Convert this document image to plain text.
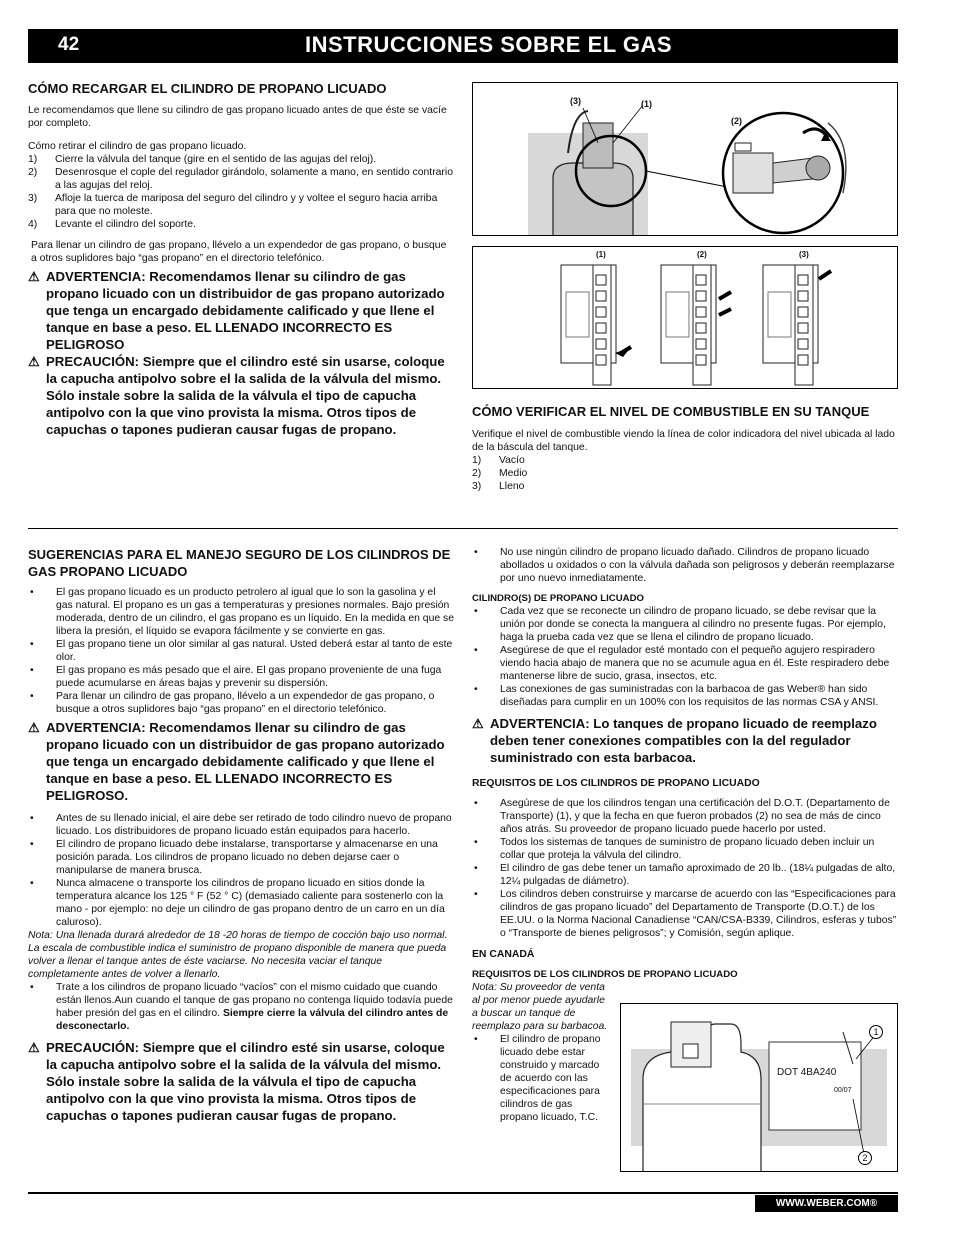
42	INSTRUCCIONES SOBRE EL GAS
CÓMO RECARGAR EL CILINDRO DE PROPANO LICUADO
Le recomendamos que llene su cilindro de gas propano licuado antes de que éste se vacíe por completo.
Cómo retirar el cilindro de gas propano licuado.
1) Cierre la válvula del tanque (gire en el sentido de las agujas del reloj).
2) Desenrosque el cople del regulador girándolo, solamente a mano, en sentido contrario a las agujas del reloj.
3) Afloje la tuerca de mariposa del seguro del cilindro y y voltee el seguro hacia arriba para que no moleste.
4) Levante el cilindro del soporte.
Para llenar un cilindro de gas propano, llévelo a un expendedor de gas propano, o busque a otros suplidores bajo “gas propano” en el directorio telefónico.
⚠ ADVERTENCIA: Recomendamos llenar su cilindro de gas propano licuado con un distribuidor de gas propano autorizado que tenga un encargado debidamente calificado y que llene el tanque en base a peso. EL LLENADO INCORRECTO ES PELIGROSO
⚠ PRECAUCIÓN: Siempre que el cilindro esté sin usarse, coloque la capucha antipolvo sobre el la salida de la válvula del mismo. Sólo instale sobre la salida de la válvula el tipo de capucha antipolvo con la que vino provista la misma. Otros tipos de capuchas o tapones pudieran causar fugas de propano.
(3)	(1)
(2)
(1)	(2)	(3)
CÓMO VERIFICAR EL NIVEL DE COMBUSTIBLE EN SU TANQUE
Verifique el nivel de combustible viendo la línea de color indicadora del nivel ubicada al lado de la báscula del tanque.
1) Vacío
2) Medio
3) Lleno
SUGERENCIAS PARA EL MANEJO SEGURO DE LOS CILINDROS DE GAS PROPANO LICUADO
• El gas propano licuado es un producto petrolero al igual que lo son la gasolina y el gas natural. El propano es un gas a temperaturas y presiones normales. Bajo presión moderada, dentro de un cilindro, el gas propano es un líquido. En la medida en que se libera la presión, el líquido se evapora fácilmente y se convierte en gas.
• El gas propano tiene un olor similar al gas natural. Usted deberá estar al tanto de este olor.
• El gas propano es más pesado que el aire. El gas propano proveniente de una fuga puede acumularse en áreas bajas y prevenir su dispersión.
• Para llenar un cilindro de gas propano, llévelo a un expendedor de gas propano, o busque a otros suplidores bajo “gas propano” en el directorio telefónico.
⚠ ADVERTENCIA: Recomendamos llenar su cilindro de gas propano licuado con un distribuidor de gas propano autorizado que tenga un encargado debidamente calificado y que llene el tanque en base a peso. EL LLENADO INCORRECTO ES PELIGROSO.
• Antes de su llenado inicial, el aire debe ser retirado de todo cilindro nuevo de propano licuado. Los distribuidores de propano licuado están equipados para hacerlo.
• El cilindro de propano licuado debe instalarse, transportarse y almacenarse en una posición parada. Los cilindros de propano licuado no deben dejarse caer o manipularse de manera brusca.
• Nunca almacene o transporte los cilindros de propano licuado en sitios donde la temperatura alcance los 125 ° F (52 ° C) (demasiado caliente para sostenerlo con la mano - por ejemplo: no deje un cilindro de gas propano dentro de un carro en un día caluroso).
Nota: Una llenada durará alrededor de 18 -20 horas de tiempo de cocción bajo uso normal. La escala de combustible indica el suministro de propano disponible de manera que pueda volver a llenar el tanque antes de éste vaciarse. No necesita vaciar el tanque completamente antes de volver a llenarlo.
• Trate a los cilindros de propano licuado “vacíos” con el mismo cuidado que cuando están llenos.Aun cuando el tanque de gas propano no contenga líquido todavía puede haber presión del gas en el cilindro. Siempre cierre la válvula del cilindro antes de desconectarlo.
⚠ PRECAUCIÓN: Siempre que el cilindro esté sin usarse, coloque la capucha antipolvo sobre el la salida de la válvula del mismo. Sólo instale sobre la salida de la válvula el tipo de capucha antipolvo con la que vino provista la misma. Otros tipos de capuchas o tapones pudieran causar fugas de propano.
• No use ningún cilindro de propano licuado dañado. Cilindros de propano licuado abollados u oxidados o con la válvula dañada son peligrosos y deberán reemplazarse por uno nuevo inmediatamente.
CILINDRO(S) DE PROPANO LICUADO
• Cada vez que se reconecte un cilindro de propano licuado, se debe revisar que la unión por donde se conecta la manguera al cilindro no presente fugas. Por ejemplo, haga la prueba cada vez que se llena el cilindro de propano licuado.
• Asegúrese de que el regulador esté montado con el pequeño agujero respiradero viendo hacia abajo de manera que no se acumule agua en él. Este respiradero debe mantenerse libre de sucio, grasa, insectos, etc.
• Las conexiones de gas suministradas con la barbacoa de gas Weber® han sido diseñadas para cumplir en un 100% con los requisitos de las normas CSA y ANSI.
⚠ ADVERTENCIA: Lo tanques de propano licuado de reemplazo deben tener conexiones compatibles con la del regulador suministrado con esta barbacoa.
REQUISITOS DE LOS CILINDROS DE PROPANO LICUADO
• Asegúrese de que los cilindros tengan una certificación del D.O.T. (Departamento de Transporte) (1), y que la fecha en que fueron probados (2) no sea de más de cinco años atrás. Su proveedor de propano licuado puede hacerlo por usted.
• Todos los sistemas de tanques de suministro de propano licuado deben incluir un collar que proteja la válvula del cilindro.
• El cilindro de gas debe tener un tamaño aproximado de 20 lb.. (18¼ pulgadas de alto, 12¼ pulgadas de diámetro).
• Los cilindros deben construirse y marcarse de acuerdo con las “Especificaciones para cilindros de gas propano licuado” del Departamento de Transporte (D.O.T.) de los EE.UU. o la Norma Nacional Canadiense “CAN/CSA-B339, Cilindros, esferas y tubos” o “Transporte de bienes peligrosos”; y Comisión, según aplique.
EN CANADÁ
REQUISITOS DE LOS CILINDROS DE PROPANO LICUADO
Nota: Su proveedor de venta al por menor puede ayudarle a buscar un tanque de reemplazo para su barbacoa.
• El cilindro de propano licuado debe estar construido y marcado de acuerdo con las especificaciones para cilindros de gas propano licuado, T.C.
DOT 4BA240
00/07
1
2
WWW.WEBER.COM®
